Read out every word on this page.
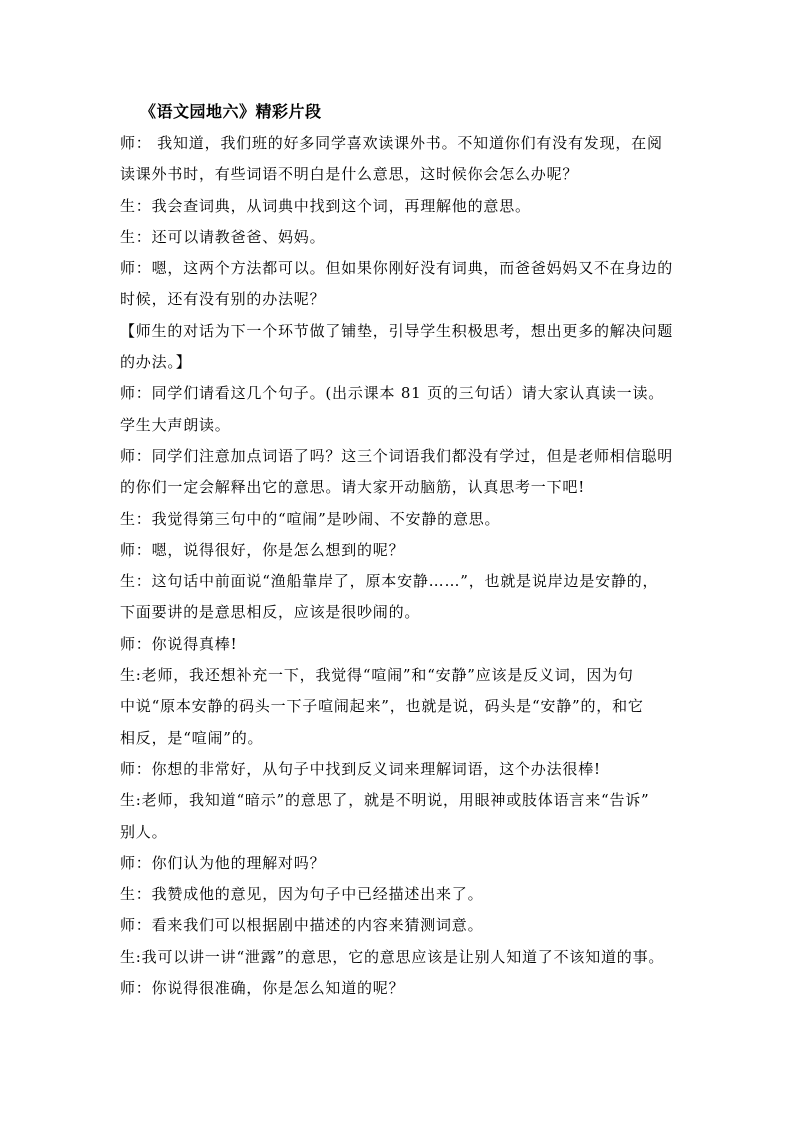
《语文园地六》精彩片段
师： 我知道，我们班的好多同学喜欢读课外书。不知道你们有没有发现，在阅
读课外书时，有些词语不明白是什么意思，这时候你会怎么办呢？
生：我会查词典，从词典中找到这个词，再理解他的意思。
生：还可以请教爸爸、妈妈。
师：嗯，这两个方法都可以。但如果你刚好没有词典，而爸爸妈妈又不在身边的
时候，还有没有别的办法呢？
【师生的对话为下一个环节做了铺垫，引导学生积极思考，想出更多的解决问题
的办法。】
师：同学们请看这几个句子。(出示课本 81 页的三句话）请大家认真读一读。
学生大声朗读。
师：同学们注意加点词语了吗？这三个词语我们都没有学过，但是老师相信聪明
的你们一定会解释出它的意思。请大家开动脑筋，认真思考一下吧!
生：我觉得第三句中的“喧闹”是吵闹、不安静的意思。
师：嗯，说得很好，你是怎么想到的呢？
生：这句话中前面说“渔船靠岸了，原本安静……”，也就是说岸边是安静的，
下面要讲的是意思相反，应该是很吵闹的。
师：你说得真棒!
生:老师，我还想补充一下，我觉得“喧闹”和“安静”应该是反义词，因为句
中说“原本安静的码头一下子喧闹起来”，也就是说，码头是“安静”的，和它
相反，是“喧闹”的。
师：你想的非常好，从句子中找到反义词来理解词语，这个办法很棒!
生:老师，我知道“暗示”的意思了，就是不明说，用眼神或肢体语言来“告诉”
别人。
师：你们认为他的理解对吗？
生：我赞成他的意见，因为句子中已经描述出来了。
师：看来我们可以根据剧中描述的内容来猜测词意。
生:我可以讲一讲“泄露”的意思，它的意思应该是让别人知道了不该知道的事。
师：你说得很准确，你是怎么知道的呢？
